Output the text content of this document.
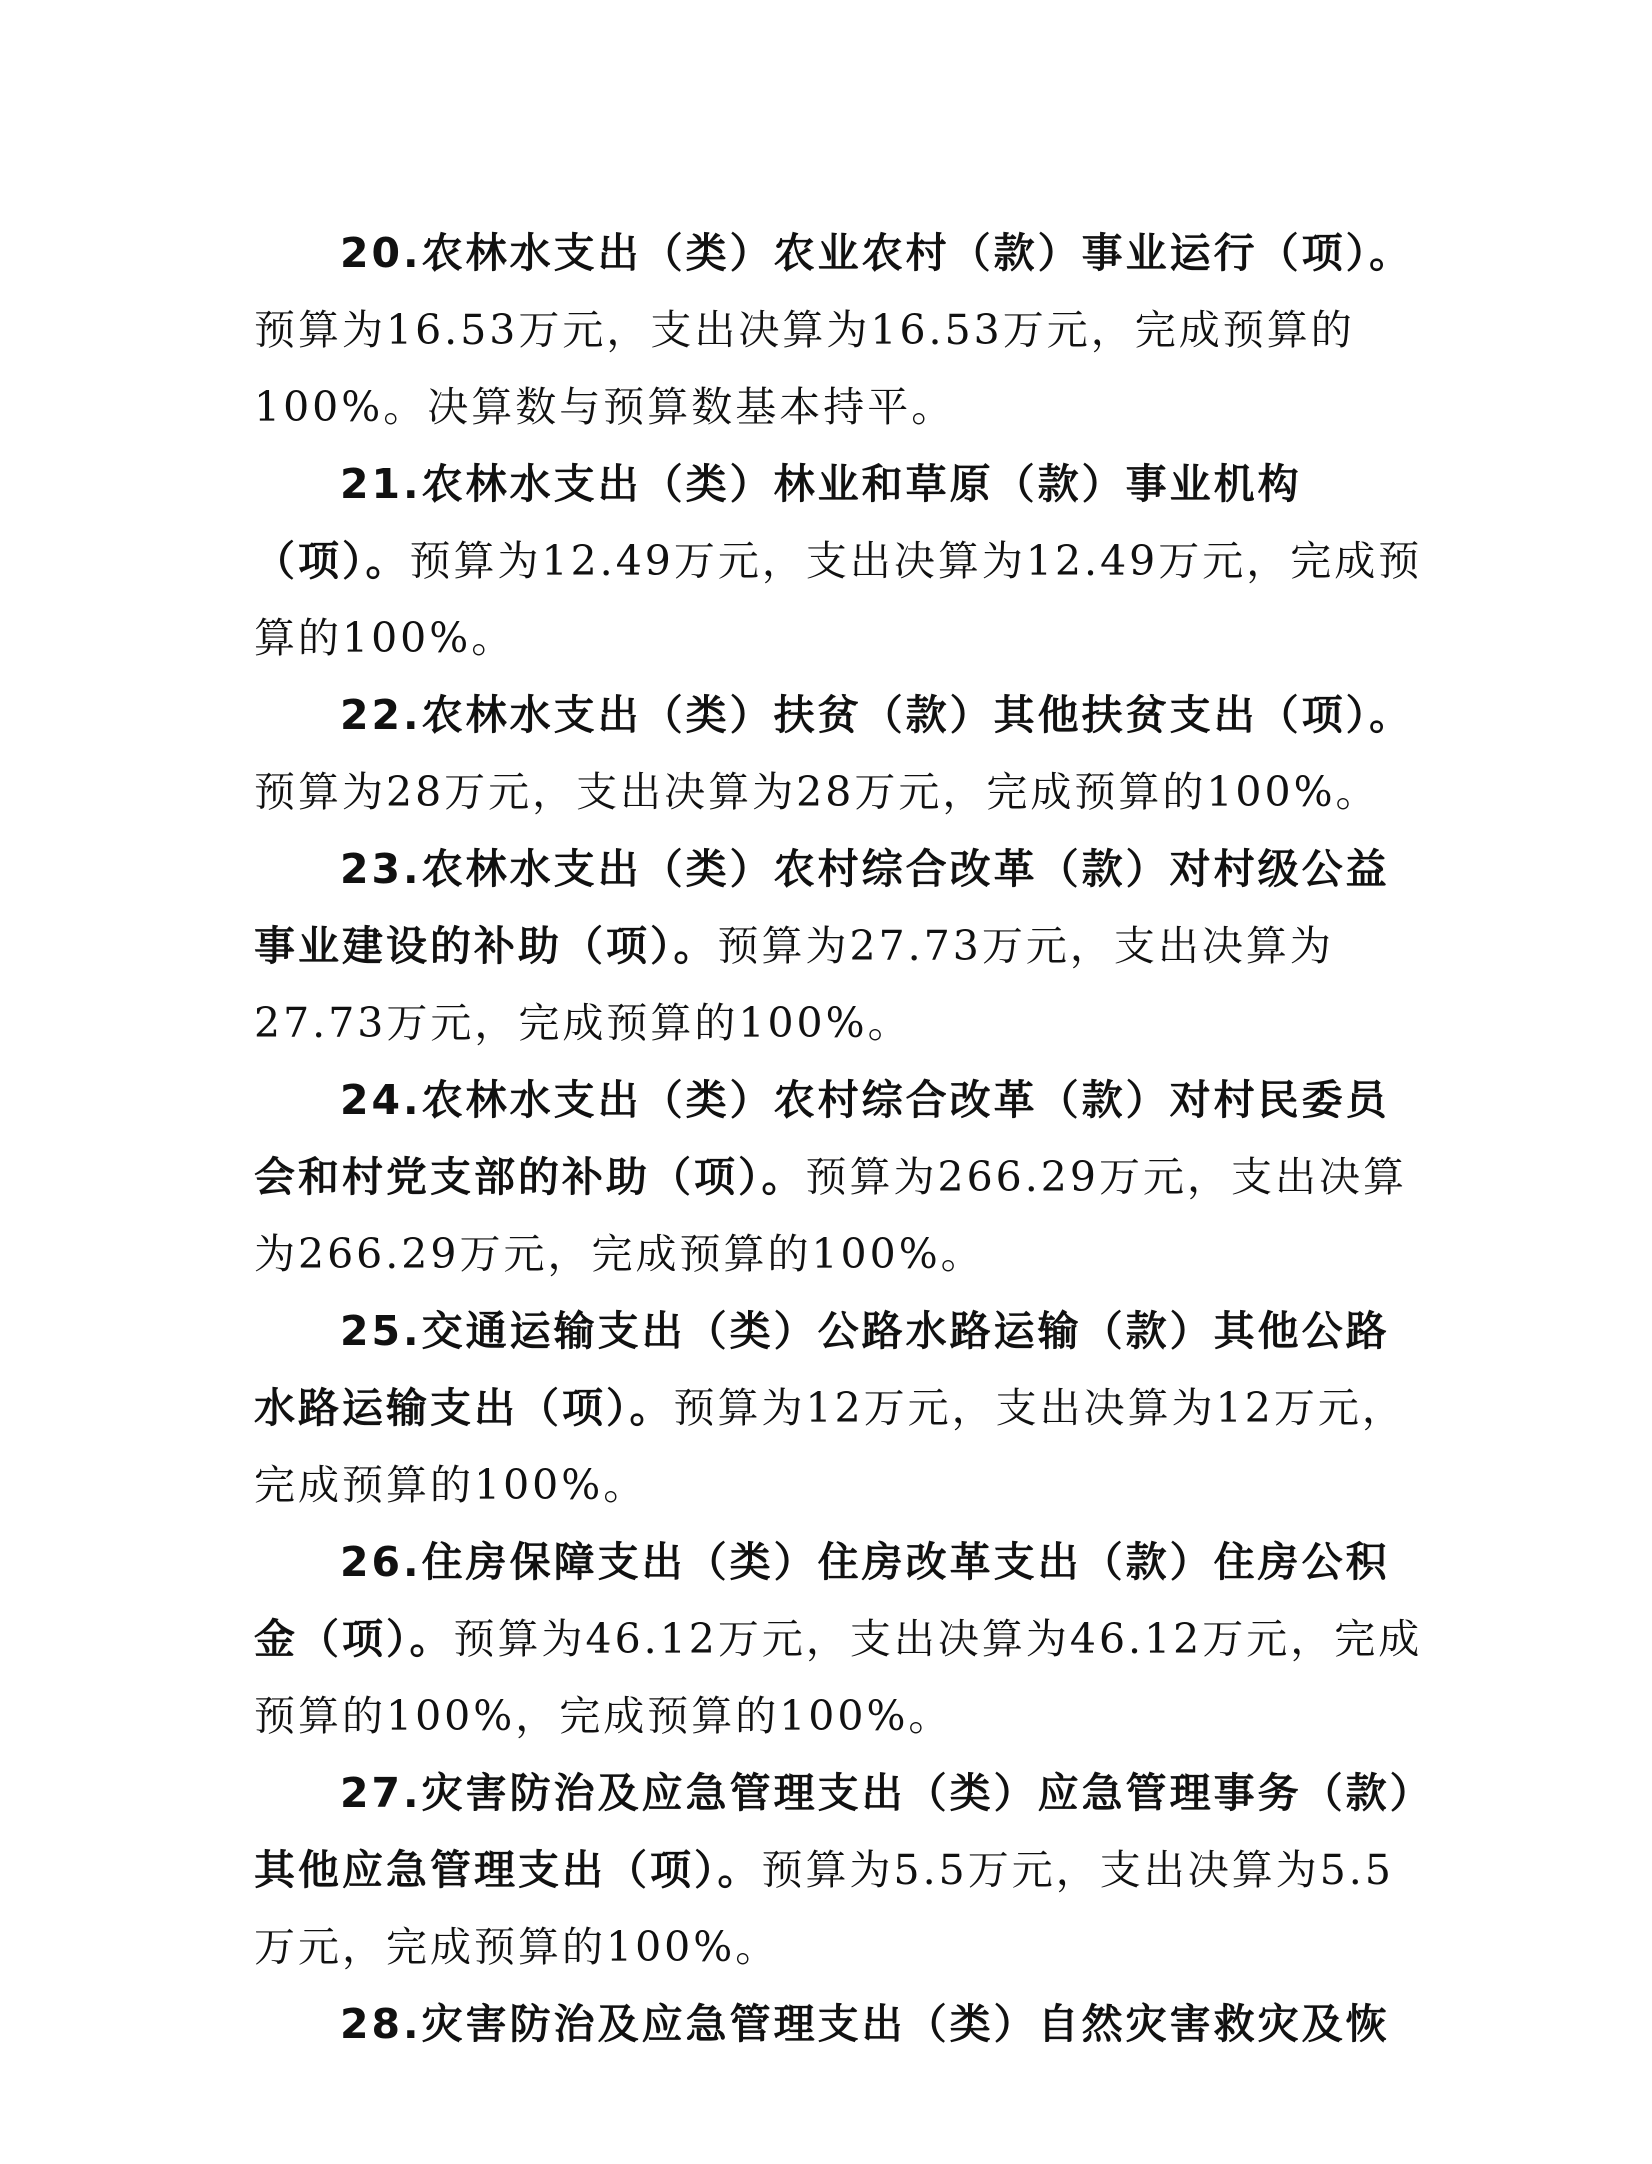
20.农林水支出（类）农业农村（款）事业运行（项）。
预算为16.53万元，支出决算为16.53万元，完成预算的
100%。决算数与预算数基本持平。
21.农林水支出（类）林业和草原（款）事业机构
（项）。预算为12.49万元，支出决算为12.49万元，完成预
算的100%。
22.农林水支出（类）扶贫（款）其他扶贫支出（项）。
预算为28万元，支出决算为28万元，完成预算的100%。
23.农林水支出（类）农村综合改革（款）对村级公益
事业建设的补助（项）。预算为27.73万元，支出决算为
27.73万元，完成预算的100%。
24.农林水支出（类）农村综合改革（款）对村民委员
会和村党支部的补助（项）。预算为266.29万元，支出决算
为266.29万元，完成预算的100%。
25.交通运输支出（类）公路水路运输（款）其他公路
水路运输支出（项）。预算为12万元，支出决算为12万元，
完成预算的100%。
26.住房保障支出（类）住房改革支出（款）住房公积
金（项）。预算为46.12万元，支出决算为46.12万元，完成
预算的100%，完成预算的100%。
27.灾害防治及应急管理支出（类）应急管理事务（款）
其他应急管理支出（项）。预算为5.5万元，支出决算为5.5
万元，完成预算的100%。
28.灾害防治及应急管理支出（类）自然灾害救灾及恢
